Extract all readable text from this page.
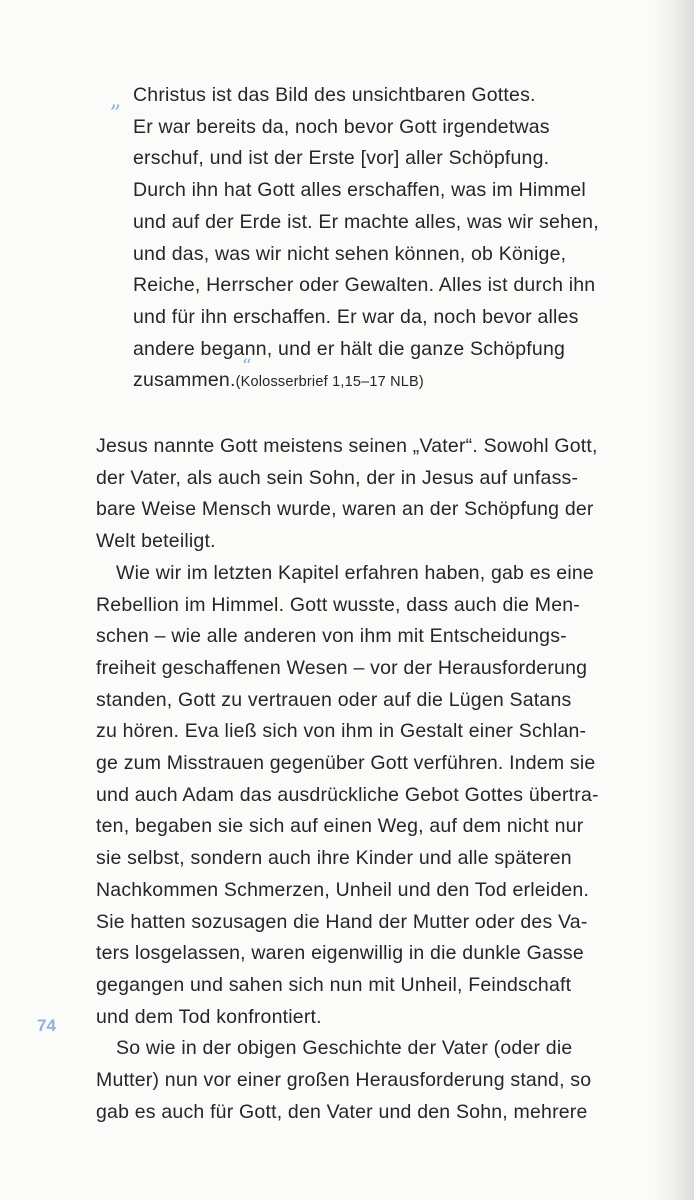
„ Christus ist das Bild des unsichtbaren Gottes.
Er war bereits da, noch bevor Gott irgendetwas
erschuf, und ist der Erste [vor] aller Schöpfung.
Durch ihn hat Gott alles erschaffen, was im Himmel
und auf der Erde ist. Er machte alles, was wir sehen,
und das, was wir nicht sehen können, ob Könige,
Reiche, Herrscher oder Gewalten. Alles ist durch ihn
und für ihn erschaffen. Er war da, noch bevor alles
andere begann, und er hält die ganze Schöpfung
zusammen.
“
(Kolosserbrief 1,15–17 NLB)

Jesus nannte Gott meistens seinen „Vater“. Sowohl Gott,
der Vater, als auch sein Sohn, der in Jesus auf unfass-
bare Weise Mensch wurde, waren an der Schöpfung der
Welt beteiligt.

Wie wir im letzten Kapitel erfahren haben, gab es eine
Rebellion im Himmel. Gott wusste, dass auch die Men-
schen – wie alle anderen von ihm mit Entscheidungs-
freiheit geschaffenen Wesen – vor der Herausforderung
standen, Gott zu vertrauen oder auf die Lügen Satans
zu hören. Eva ließ sich von ihm in Gestalt einer Schlan-
ge zum Misstrauen gegenüber Gott verführen. Indem sie
und auch Adam das ausdrückliche Gebot Gottes übertra-
ten, begaben sie sich auf einen Weg, auf dem nicht nur
sie selbst, sondern auch ihre Kinder und alle späteren
Nachkommen Schmerzen, Unheil und den Tod erleiden.
Sie hatten sozusagen die Hand der Mutter oder des Va-
ters losgelassen, waren eigenwillig in die dunkle Gasse
gegangen und sahen sich nun mit Unheil, Feindschaft
und dem Tod konfrontiert.

So wie in der obigen Geschichte der Vater (oder die
Mutter) nun vor einer großen Herausforderung stand, so
gab es auch für Gott, den Vater und den Sohn, mehrere

74
